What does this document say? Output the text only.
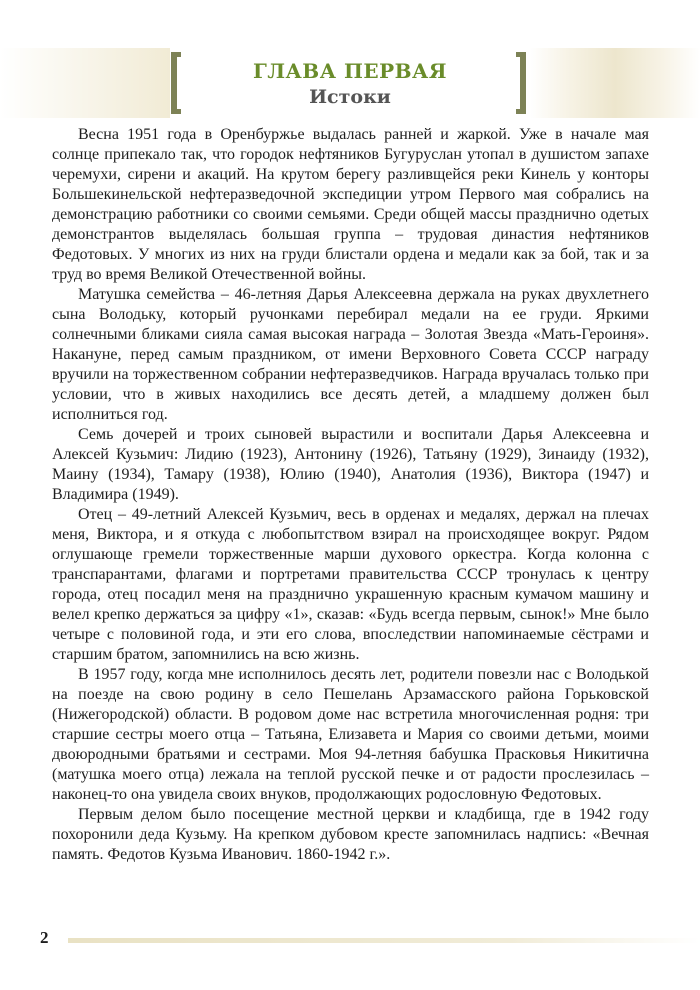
ГЛАВА ПЕРВАЯ
Истоки

Весна 1951 года в Оренбуржье выдалась ранней и жаркой. Уже в начале мая солнце припекало так, что городок нефтяников Бугуруслан утопал в душистом запахе черемухи, сирени и акаций. На крутом берегу разливщейся реки Кинель у конторы Большекинельской нефтеразведочной экспедиции утром Первого мая собрались на демонстрацию работники со своими семьями. Среди общей массы празднично одетых демонстрантов выделялась большая группа – трудовая династия нефтяников Федотовых. У многих из них на груди блистали ордена и медали как за бой, так и за труд во время Великой Отечественной войны.

Матушка семейства – 46-летняя Дарья Алексеевна держала на руках двухлетнего сына Володьку, который ручонками перебирал медали на ее груди. Яркими солнечными бликами сияла самая высокая награда – Золотая Звезда «Мать-Героиня». Накануне, перед самым праздником, от имени Верховного Совета СССР награду вручили на торжественном собрании нефтеразведчиков. Награда вручалась только при условии, что в живых находились все десять детей, а младшему должен был исполниться год.

Семь дочерей и троих сыновей вырастили и воспитали Дарья Алексеевна и Алексей Кузьмич: Лидию (1923), Антонину (1926), Татьяну (1929), Зинаиду (1932), Маину (1934), Тамару (1938), Юлию (1940), Анатолия (1936), Виктора (1947) и Владимира (1949).

Отец – 49-летний Алексей Кузьмич, весь в орденах и медалях, держал на плечах меня, Виктора, и я откуда с любопытством взирал на происходящее вокруг. Рядом оглушающе гремели торжественные марши духового оркестра. Когда колонна с транспарантами, флагами и портретами правительства СССР тронулась к центру города, отец посадил меня на празднично украшенную красным кумачом машину и велел крепко держаться за цифру «1», сказав: «Будь всегда первым, сынок!» Мне было четыре с половиной года, и эти его слова, впоследствии напоминаемые сёстрами и старшим братом, запомнились на всю жизнь.

В 1957 году, когда мне исполнилось десять лет, родители повезли нас с Володькой на поезде на свою родину в село Пешелань Арзамасского района Горьковской (Нижегородской) области. В родовом доме нас встретила многочисленная родня: три старшие сестры моего отца – Татьяна, Елизавета и Мария со своими детьми, моими двоюродными братьями и сестрами. Моя 94-летняя бабушка Прасковья Никитична (матушка моего отца) лежала на теплой русской печке и от радости прослезилась – наконец-то она увидела своих внуков, продолжающих родословную Федотовых.

Первым делом было посещение местной церкви и кладбища, где в 1942 году похоронили деда Кузьму. На крепком дубовом кресте запомнилась надпись: «Вечная память. Федотов Кузьма Иванович. 1860-1942 г.».

2
